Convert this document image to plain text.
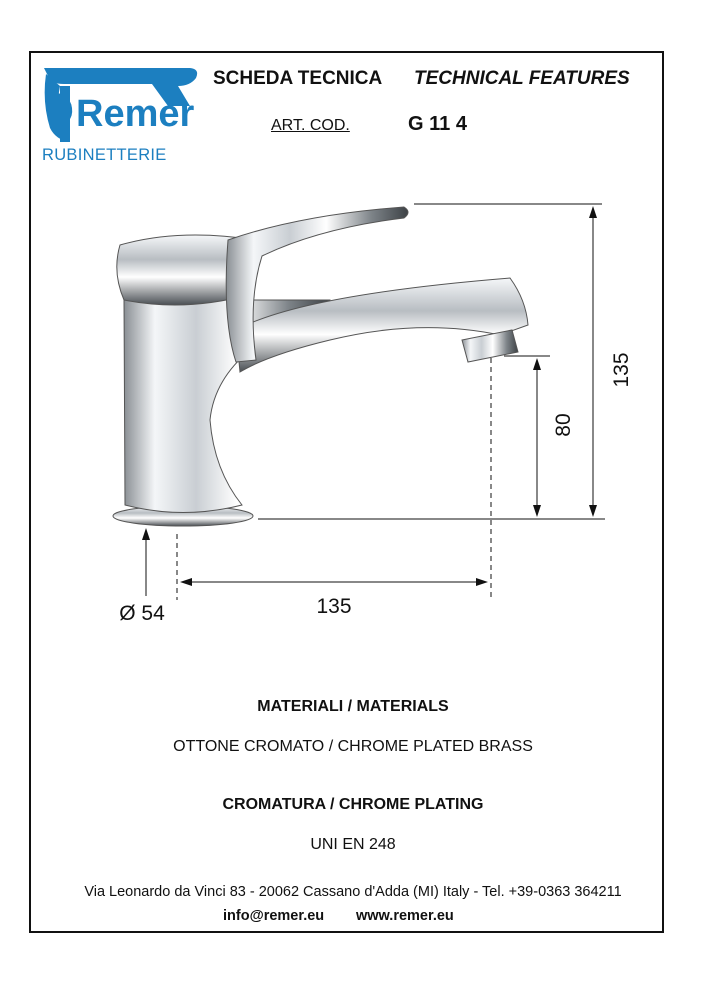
Remer
RUBINETTERIE
SCHEDA TECNICA TECHNICAL FEATURES
ART. COD.	G 11 4
135
80
135
Ø 54
MATERIALI / MATERIALS
OTTONE CROMATO / CHROME PLATED BRASS
CROMATURA / CHROME PLATING
UNI EN 248
Via Leonardo da Vinci 83 - 20062 Cassano d'Adda (MI) Italy - Tel. +39-0363 364211
info@remer.eu www.remer.eu
